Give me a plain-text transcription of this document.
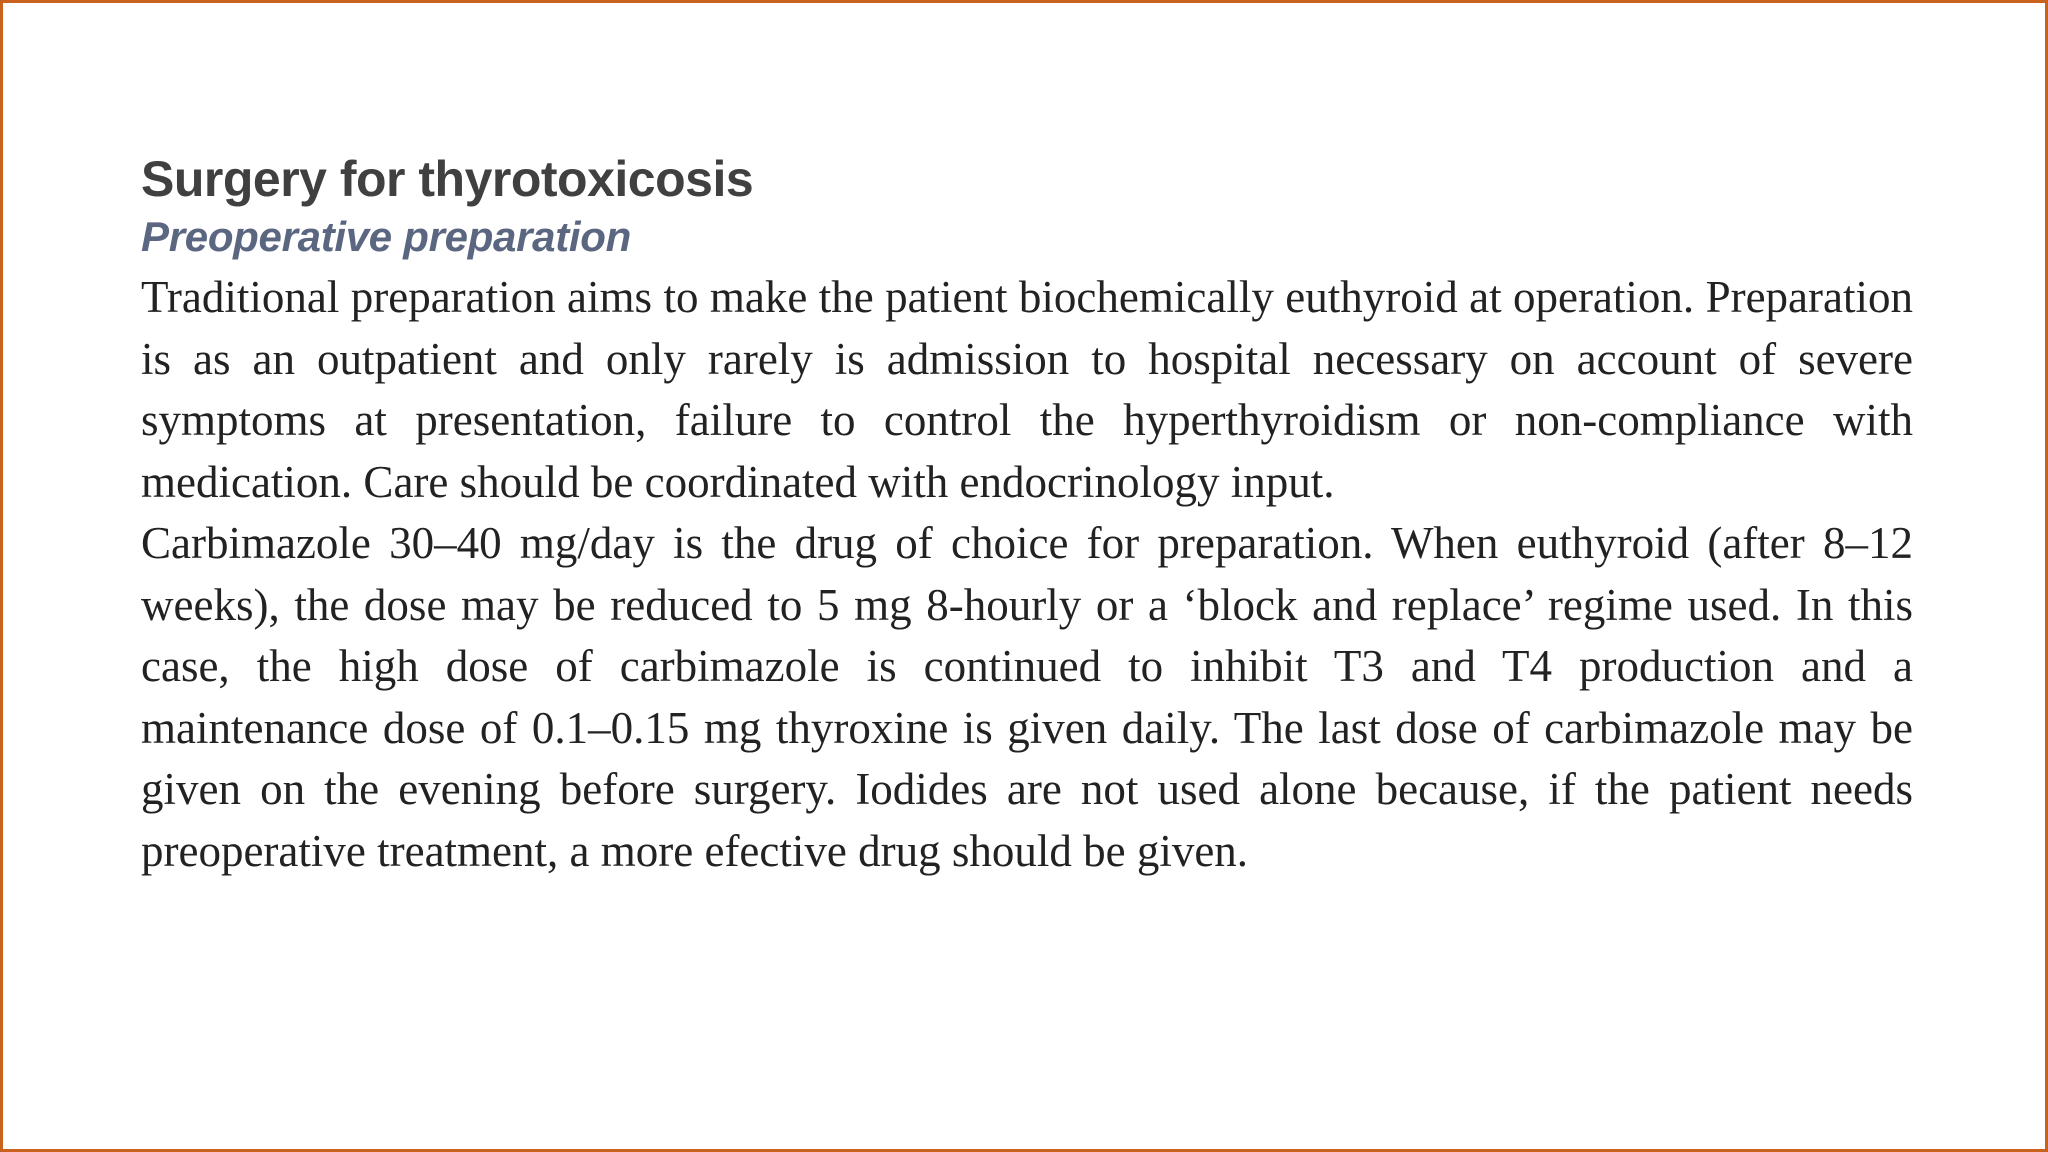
Surgery for thyrotoxicosis
Preoperative preparation

Traditional preparation aims to make the patient biochemically euthyroid at operation. Preparation is as an outpatient and only rarely is admission to hospital necessary on account of severe symptoms at presentation, failure to control the hyperthyroidism or non-compliance with medication. Care should be coordinated with endocrinology input.

Carbimazole 30–40 mg/day is the drug of choice for preparation. When euthyroid (after 8–12 weeks), the dose may be reduced to 5 mg 8-hourly or a ‘block and replace’ regime used. In this case, the high dose of carbimazole is continued to inhibit T3 and T4 production and a maintenance dose of 0.1–0.15 mg thyroxine is given daily. The last dose of carbimazole may be given on the evening before surgery. Iodides are not used alone because, if the patient needs preoperative treatment, a more efective drug should be given.
